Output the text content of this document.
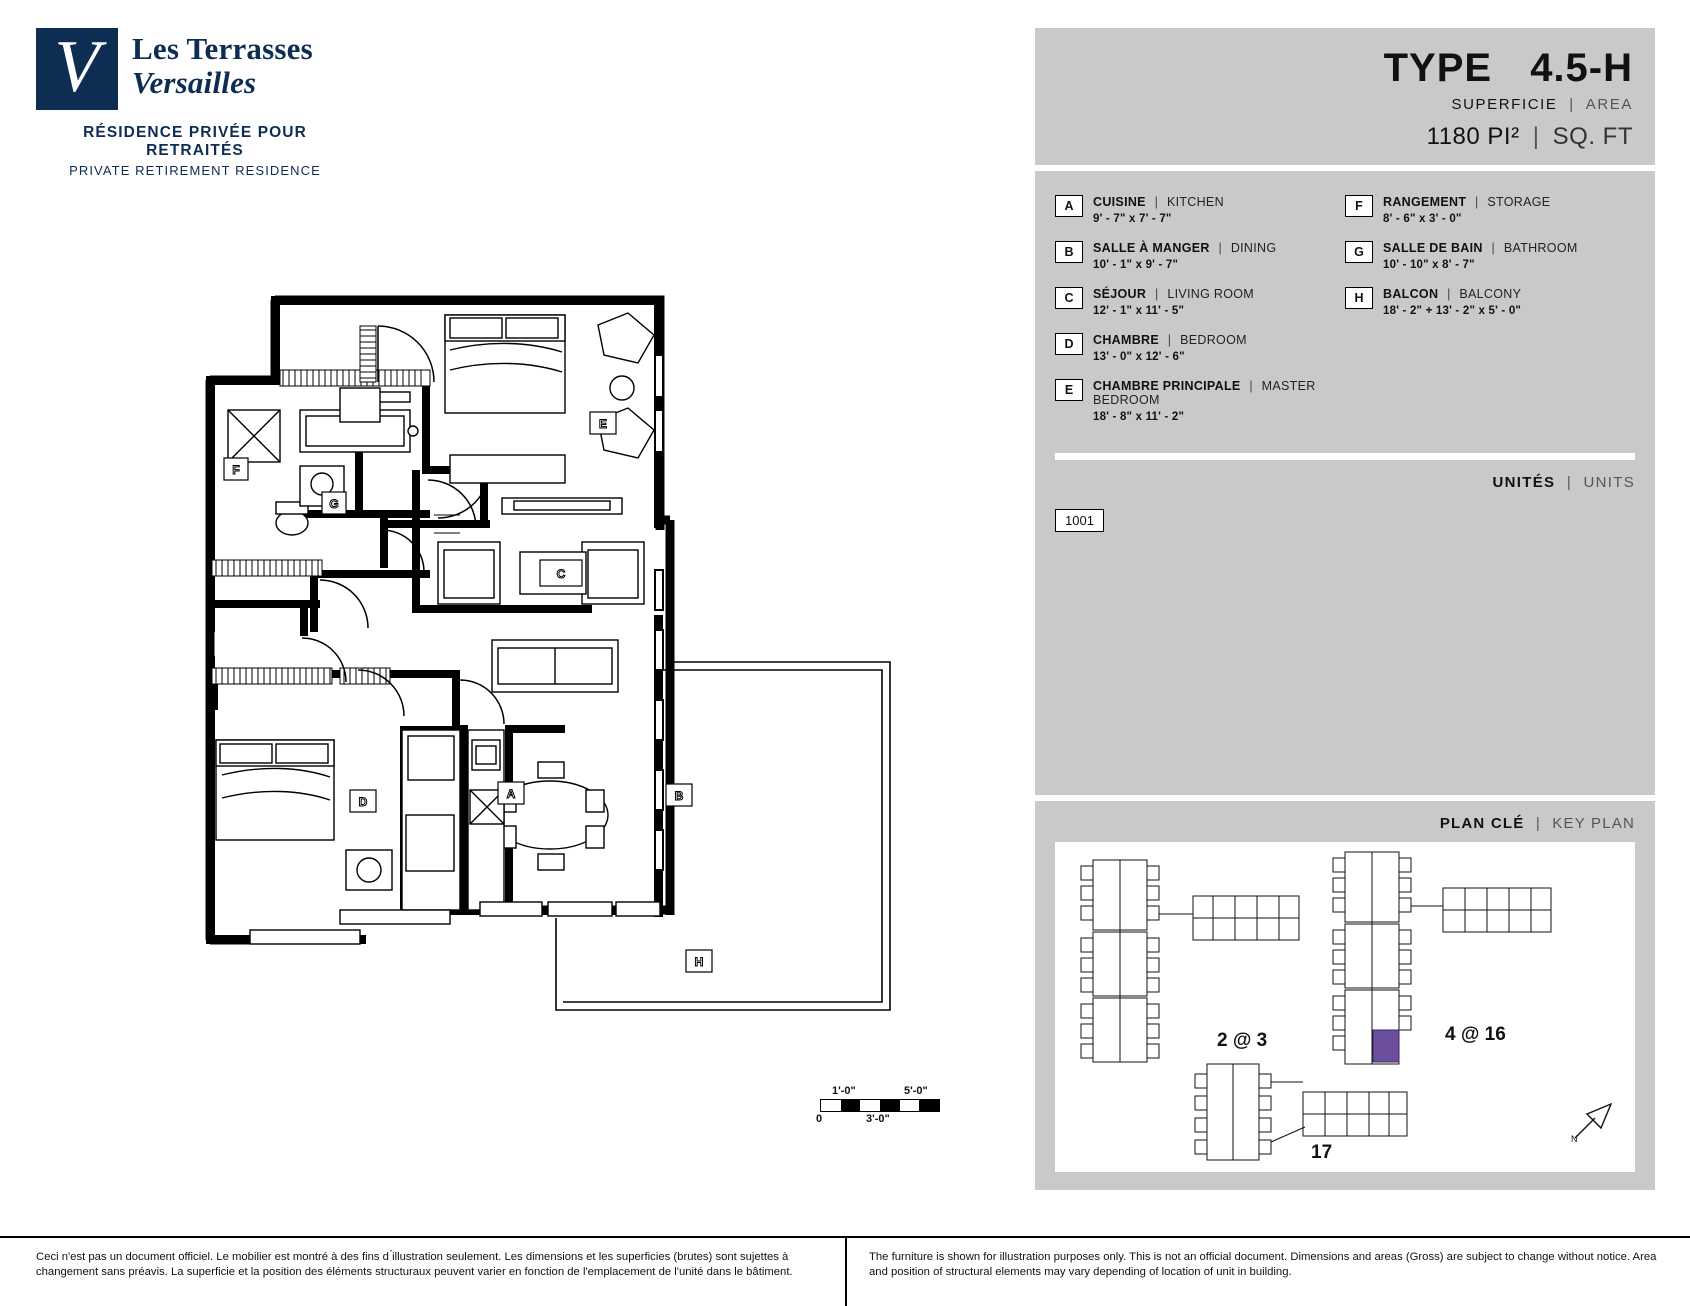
V	Les Terrasses
Versailles
RÉSIDENCE PRIVÉE POUR RETRAITÉS
PRIVATE RETIREMENT RESIDENCE
F
G
E
C
D
A	B
H
1'-0"	5'-0"
0	3'-0"
TYPE 4.5-H
SUPERFICIE | AREA
1180 PI² | SQ. FT
A	CUISINE | KITCHEN
9' - 7" x 7' - 7"
B	SALLE À MANGER | DINING
10' - 1" x 9' - 7"
C	SÉJOUR | LIVING ROOM
12' - 1" x 11' - 5"
D	CHAMBRE | BEDROOM
13' - 0" x 12' - 6"
E	CHAMBRE PRINCIPALE | MASTER BEDROOM
18' - 8" x 11' - 2"
F	RANGEMENT | STORAGE
8' - 6" x 3' - 0"
G	SALLE DE BAIN | BATHROOM
10' - 10" x 8' - 7"
H	BALCON | BALCONY
18' - 2" + 13' - 2" x 5' - 0"
UNITÉS | UNITS
1001
PLAN CLÉ | KEY PLAN
N
2 @ 3	4 @ 16
17

Ceci n'est pas un document officiel. Le mobilier est montré à des fins d ́illustration seulement. Les dimensions et les superficies (brutes) sont sujettes à changement sans préavis. La superficie et la position des éléments structuraux peuvent varier en fonction de l'emplacement de l'unité dans le bâtiment.

The furniture is shown for illustration purposes only. This is not an official document. Dimensions and areas (Gross) are subject to change without notice. Area and position of structural elements may vary depending of location of unit in building.
